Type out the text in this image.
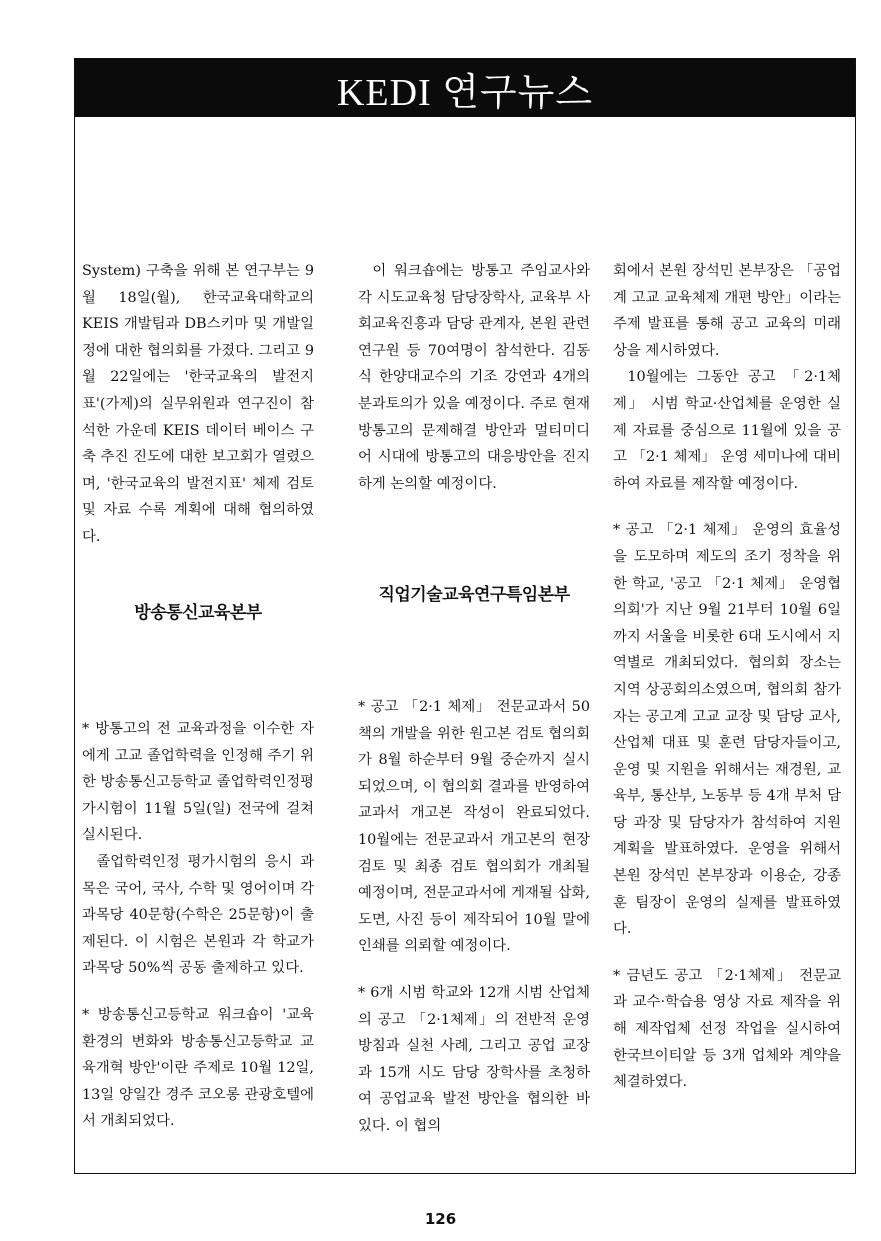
KEDI 연구뉴스

System) 구축을 위해 본 연구부는 9월 18일(월), 한국교육대학교의 KEIS 개발팀과 DB스키마 및 개발일정에 대한 협의회를 가졌다. 그리고 9월 22일에는 '한국교육의 발전지표'(가제)의 실무위원과 연구진이 참석한 가운데 KEIS 데이터 베이스 구축 추진 진도에 대한 보고회가 열렸으며, '한국교육의 발전지표' 체제 검토 및 자료 수록 계획에 대해 협의하였다.

방송통신교육본부

* 방통고의 전 교육과정을 이수한 자에게 고교 졸업학력을 인정해 주기 위한 방송통신고등학교 졸업학력인정평가시험이 11월 5일(일) 전국에 걸쳐 실시된다.

졸업학력인정 평가시험의 응시 과목은 국어, 국사, 수학 및 영어이며 각 과목당 40문항(수학은 25문항)이 출제된다. 이 시험은 본원과 각 학교가 과목당 50%씩 공동 출제하고 있다.

* 방송통신고등학교 워크숍이 '교육환경의 변화와 방송통신고등학교 교육개혁 방안'이란 주제로 10월 12일, 13일 양일간 경주 코오롱 관광호텔에서 개최되었다.

이 워크숍에는 방통고 주임교사와 각 시도교육청 담당장학사, 교육부 사회교육진흥과 담당 관계자, 본원 관련 연구원 등 70여명이 참석한다. 김동식 한양대교수의 기조 강연과 4개의 분과토의가 있을 예정이다. 주로 현재 방통고의 문제해결 방안과 멀티미디어 시대에 방통고의 대응방안을 진지하게 논의할 예정이다.

직업기술교육연구특임본부

* 공고 「2·1 체제」 전문교과서 50책의 개발을 위한 원고본 검토 협의회가 8월 하순부터 9월 중순까지 실시되었으며, 이 협의회 결과를 반영하여 교과서 개고본 작성이 완료되었다. 10월에는 전문교과서 개고본의 현장 검토 및 최종 검토 협의회가 개최될 예정이며, 전문교과서에 게재될 삽화, 도면, 사진 등이 제작되어 10월 말에 인쇄를 의뢰할 예정이다.

* 6개 시범 학교와 12개 시범 산업체의 공고 「2·1체제」의 전반적 운영 방침과 실천 사례, 그리고 공업 교장과 15개 시도 담당 장학사를 초청하여 공업교육 발전 방안을 협의한 바 있다. 이 협의

회에서 본원 장석민 본부장은 「공업계 고교 교육체제 개편 방안」이라는 주제 발표를 통해 공고 교육의 미래상을 제시하였다.

10월에는 그동안 공고 「2·1체제」 시범 학교·산업체를 운영한 실제 자료를 중심으로 11월에 있을 공고 「2·1 체제」 운영 세미나에 대비하여 자료를 제작할 예정이다.

* 공고 「2·1 체제」 운영의 효율성을 도모하며 제도의 조기 정착을 위한 학교, '공고 「2·1 체제」 운영협의회'가 지난 9월 21부터 10월 6일까지 서울을 비롯한 6대 도시에서 지역별로 개최되었다. 협의회 장소는 지역 상공회의소였으며, 협의회 참가자는 공고계 고교 교장 및 담당 교사, 산업체 대표 및 훈련 담당자들이고, 운영 및 지원을 위해서는 재경원, 교육부, 통산부, 노동부 등 4개 부처 담당 과장 및 담당자가 참석하여 지원 계획을 발표하였다. 운영을 위해서 본원 장석민 본부장과 이용순, 강종훈 팀장이 운영의 실제를 발표하였다.

* 금년도 공고 「2·1체제」 전문교과 교수·학습용 영상 자료 제작을 위해 제작업체 선정 작업을 실시하여 한국브이티알 등 3개 업체와 계약을 체결하였다.

126
